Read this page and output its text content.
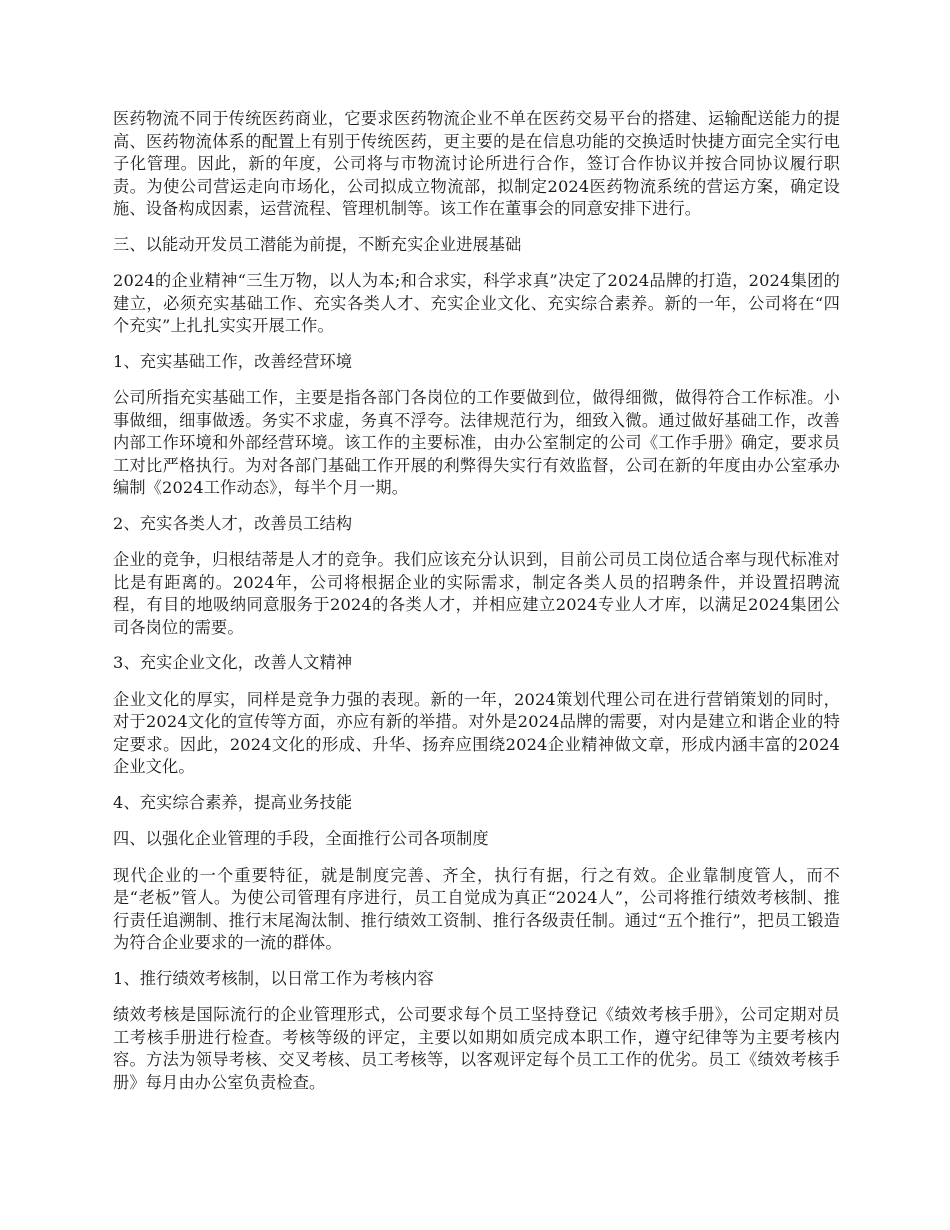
医药物流不同于传统医药商业，它要求医药物流企业不单在医药交易平台的搭建、运输配送能力的提高、医药物流体系的配置上有别于传统医药，更主要的是在信息功能的交换适时快捷方面完全实行电子化管理。因此，新的年度，公司将与市物流讨论所进行合作，签订合作协议并按合同协议履行职责。为使公司营运走向市场化，公司拟成立物流部，拟制定2024医药物流系统的营运方案，确定设施、设备构成因素，运营流程、管理机制等。该工作在董事会的同意安排下进行。

三、以能动开发员工潜能为前提，不断充实企业进展基础

2024的企业精神“三生万物，以人为本;和合求实，科学求真”决定了2024品牌的打造，2024集团的建立，必须充实基础工作、充实各类人才、充实企业文化、充实综合素养。新的一年，公司将在“四个充实”上扎扎实实开展工作。

1、充实基础工作，改善经营环境

公司所指充实基础工作，主要是指各部门各岗位的工作要做到位，做得细微，做得符合工作标准。小事做细，细事做透。务实不求虚，务真不浮夸。法律规范行为，细致入微。通过做好基础工作，改善内部工作环境和外部经营环境。该工作的主要标准，由办公室制定的公司《工作手册》确定，要求员工对比严格执行。为对各部门基础工作开展的利弊得失实行有效监督，公司在新的年度由办公室承办编制《2024工作动态》，每半个月一期。

2、充实各类人才，改善员工结构

企业的竞争，归根结蒂是人才的竞争。我们应该充分认识到，目前公司员工岗位适合率与现代标准对比是有距离的。2024年，公司将根据企业的实际需求，制定各类人员的招聘条件，并设置招聘流程，有目的地吸纳同意服务于2024的各类人才，并相应建立2024专业人才库，以满足2024集团公司各岗位的需要。

3、充实企业文化，改善人文精神

企业文化的厚实，同样是竞争力强的表现。新的一年，2024策划代理公司在进行营销策划的同时，对于2024文化的宣传等方面，亦应有新的举措。对外是2024品牌的需要，对内是建立和谐企业的特定要求。因此，2024文化的形成、升华、扬弃应围绕2024企业精神做文章，形成内涵丰富的2024企业文化。

4、充实综合素养，提高业务技能

四、以强化企业管理的手段，全面推行公司各项制度

现代企业的一个重要特征，就是制度完善、齐全，执行有据，行之有效。企业靠制度管人，而不是“老板”管人。为使公司管理有序进行，员工自觉成为真正“2024人”，公司将推行绩效考核制、推行责任追溯制、推行末尾淘汰制、推行绩效工资制、推行各级责任制。通过“五个推行”，把员工锻造为符合企业要求的一流的群体。

1、推行绩效考核制，以日常工作为考核内容

绩效考核是国际流行的企业管理形式，公司要求每个员工坚持登记《绩效考核手册》，公司定期对员工考核手册进行检查。考核等级的评定，主要以如期如质完成本职工作，遵守纪律等为主要考核内容。方法为领导考核、交叉考核、员工考核等，以客观评定每个员工工作的优劣。员工《绩效考核手册》每月由办公室负责检查。
